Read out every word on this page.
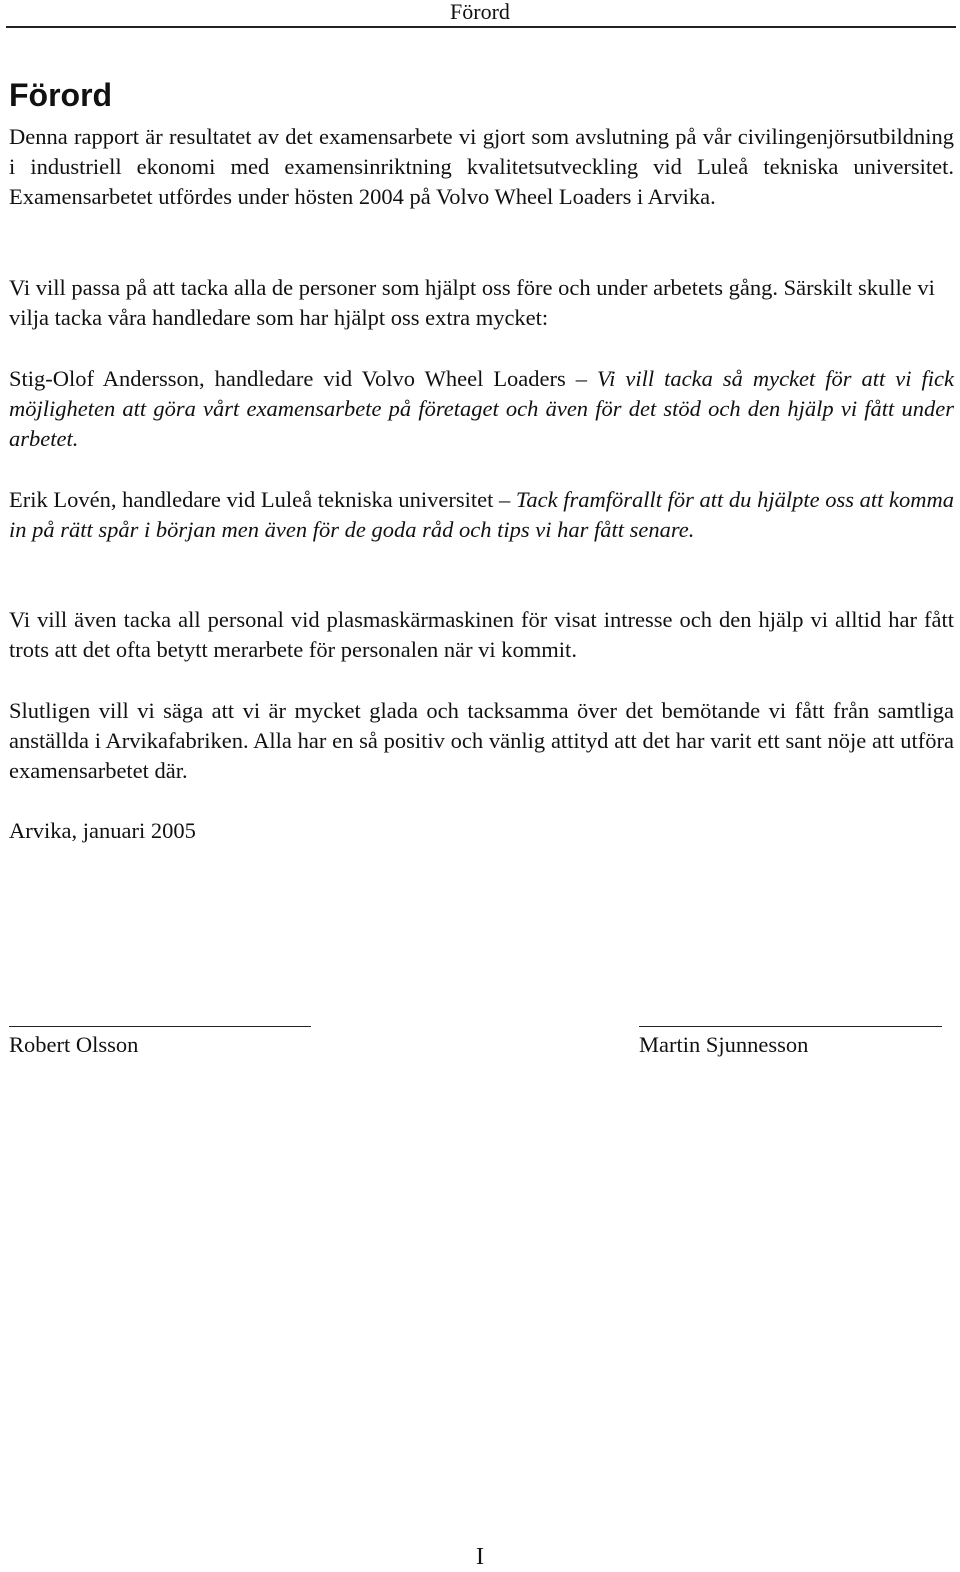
Förord
Förord

Denna rapport är resultatet av det examensarbete vi gjort som avslutning på vår civilingenjörsutbildning i industriell ekonomi med examensinriktning kvalitetsutveckling vid Luleå tekniska universitet. Examensarbetet utfördes under hösten 2004 på Volvo Wheel Loaders i Arvika.

Vi vill passa på att tacka alla de personer som hjälpt oss före och under arbetets gång. Särskilt skulle vi vilja tacka våra handledare som har hjälpt oss extra mycket:

Stig-Olof Andersson, handledare vid Volvo Wheel Loaders – Vi vill tacka så mycket för att vi fick möjligheten att göra vårt examensarbete på företaget och även för det stöd och den hjälp vi fått under arbetet.

Erik Lovén, handledare vid Luleå tekniska universitet – Tack framförallt för att du hjälpte oss att komma in på rätt spår i början men även för de goda råd och tips vi har fått senare.

Vi vill även tacka all personal vid plasmaskärmaskinen för visat intresse och den hjälp vi alltid har fått trots att det ofta betytt merarbete för personalen när vi kommit.

Slutligen vill vi säga att vi är mycket glada och tacksamma över det bemötande vi fått från samtliga anställda i Arvikafabriken. Alla har en så positiv och vänlig attityd att det har varit ett sant nöje att utföra examensarbetet där.

Arvika, januari 2005

Robert Olsson	Martin Sjunnesson
I
